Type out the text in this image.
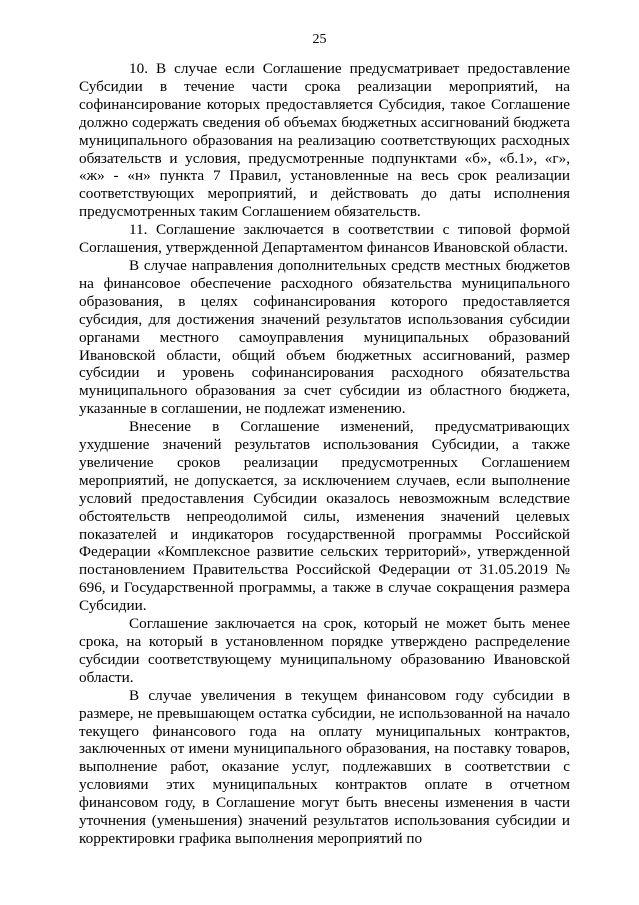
25

10. В случае если Соглашение предусматривает предоставление Субсидии в течение части срока реализации мероприятий, на софинансирование которых предоставляется Субсидия, такое Соглашение должно содержать сведения об объемах бюджетных ассигнований бюджета муниципального образования на реализацию соответствующих расходных обязательств и условия, предусмотренные подпунктами «б», «б.1», «г», «ж» - «н» пункта 7 Правил, установленные на весь срок реализации соответствующих мероприятий, и действовать до даты исполнения предусмотренных таким Соглашением обязательств.

11. Соглашение заключается в соответствии с типовой формой Соглашения, утвержденной Департаментом финансов Ивановской области.

В случае направления дополнительных средств местных бюджетов на финансовое обеспечение расходного обязательства муниципального образования, в целях софинансирования которого предоставляется субсидия, для достижения значений результатов использования субсидии органами местного самоуправления муниципальных образований Ивановской области, общий объем бюджетных ассигнований, размер субсидии и уровень софинансирования расходного обязательства муниципального образования за счет субсидии из областного бюджета, указанные в соглашении, не подлежат изменению.

Внесение в Соглашение изменений, предусматривающих ухудшение значений результатов использования Субсидии, а также увеличение сроков реализации предусмотренных Соглашением мероприятий, не допускается, за исключением случаев, если выполнение условий предоставления Субсидии оказалось невозможным вследствие обстоятельств непреодолимой силы, изменения значений целевых показателей и индикаторов государственной программы Российской Федерации «Комплексное развитие сельских территорий», утвержденной постановлением Правительства Российской Федерации от 31.05.2019 № 696, и Государственной программы, а также в случае сокращения размера Субсидии.

Соглашение заключается на срок, который не может быть менее срока, на который в установленном порядке утверждено распределение субсидии соответствующему муниципальному образованию Ивановской области.

В случае увеличения в текущем финансовом году субсидии в размере, не превышающем остатка субсидии, не использованной на начало текущего финансового года на оплату муниципальных контрактов, заключенных от имени муниципального образования, на поставку товаров, выполнение работ, оказание услуг, подлежавших в соответствии с условиями этих муниципальных контрактов оплате в отчетном финансовом году, в Соглашение могут быть внесены изменения в части уточнения (уменьшения) значений результатов использования субсидии и корректировки графика выполнения мероприятий по
